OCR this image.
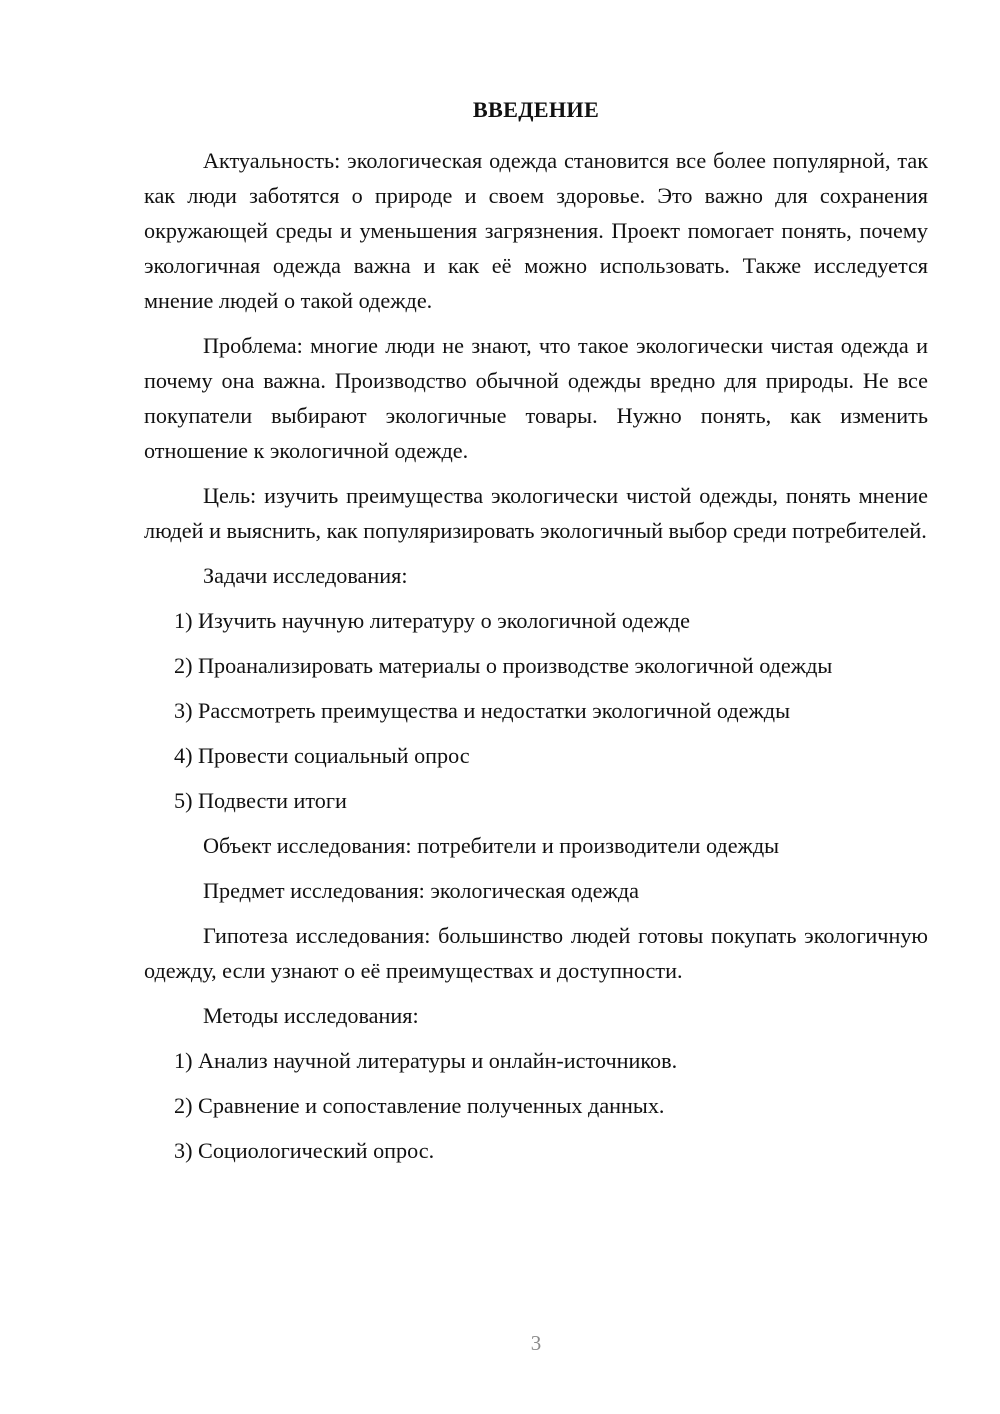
ВВЕДЕНИЕ

Актуальность: экологическая одежда становится все более популярной, так как люди заботятся о природе и своем здоровье. Это важно для сохранения окружающей среды и уменьшения загрязнения. Проект помогает понять, почему экологичная одежда важна и как её можно использовать. Также исследуется мнение людей о такой одежде.

Проблема: многие люди не знают, что такое экологически чистая одежда и почему она важна. Производство обычной одежды вредно для природы. Не все покупатели выбирают экологичные товары. Нужно понять, как изменить отношение к экологичной одежде.

Цель: изучить преимущества экологически чистой одежды, понять мнение людей и выяснить, как популяризировать экологичный выбор среди потребителей.

Задачи исследования:
1) Изучить научную литературу о экологичной одежде
2) Проанализировать материалы о производстве экологичной одежды
3) Рассмотреть преимущества и недостатки экологичной одежды
4) Провести социальный опрос
5) Подвести итоги
Объект исследования: потребители и производители одежды
Предмет исследования: экологическая одежда

Гипотеза исследования: большинство людей готовы покупать экологичную одежду, если узнают о её преимуществах и доступности.

Методы исследования:
1) Анализ научной литературы и онлайн-источников.
2) Сравнение и сопоставление полученных данных.
3) Социологический опрос.
3
